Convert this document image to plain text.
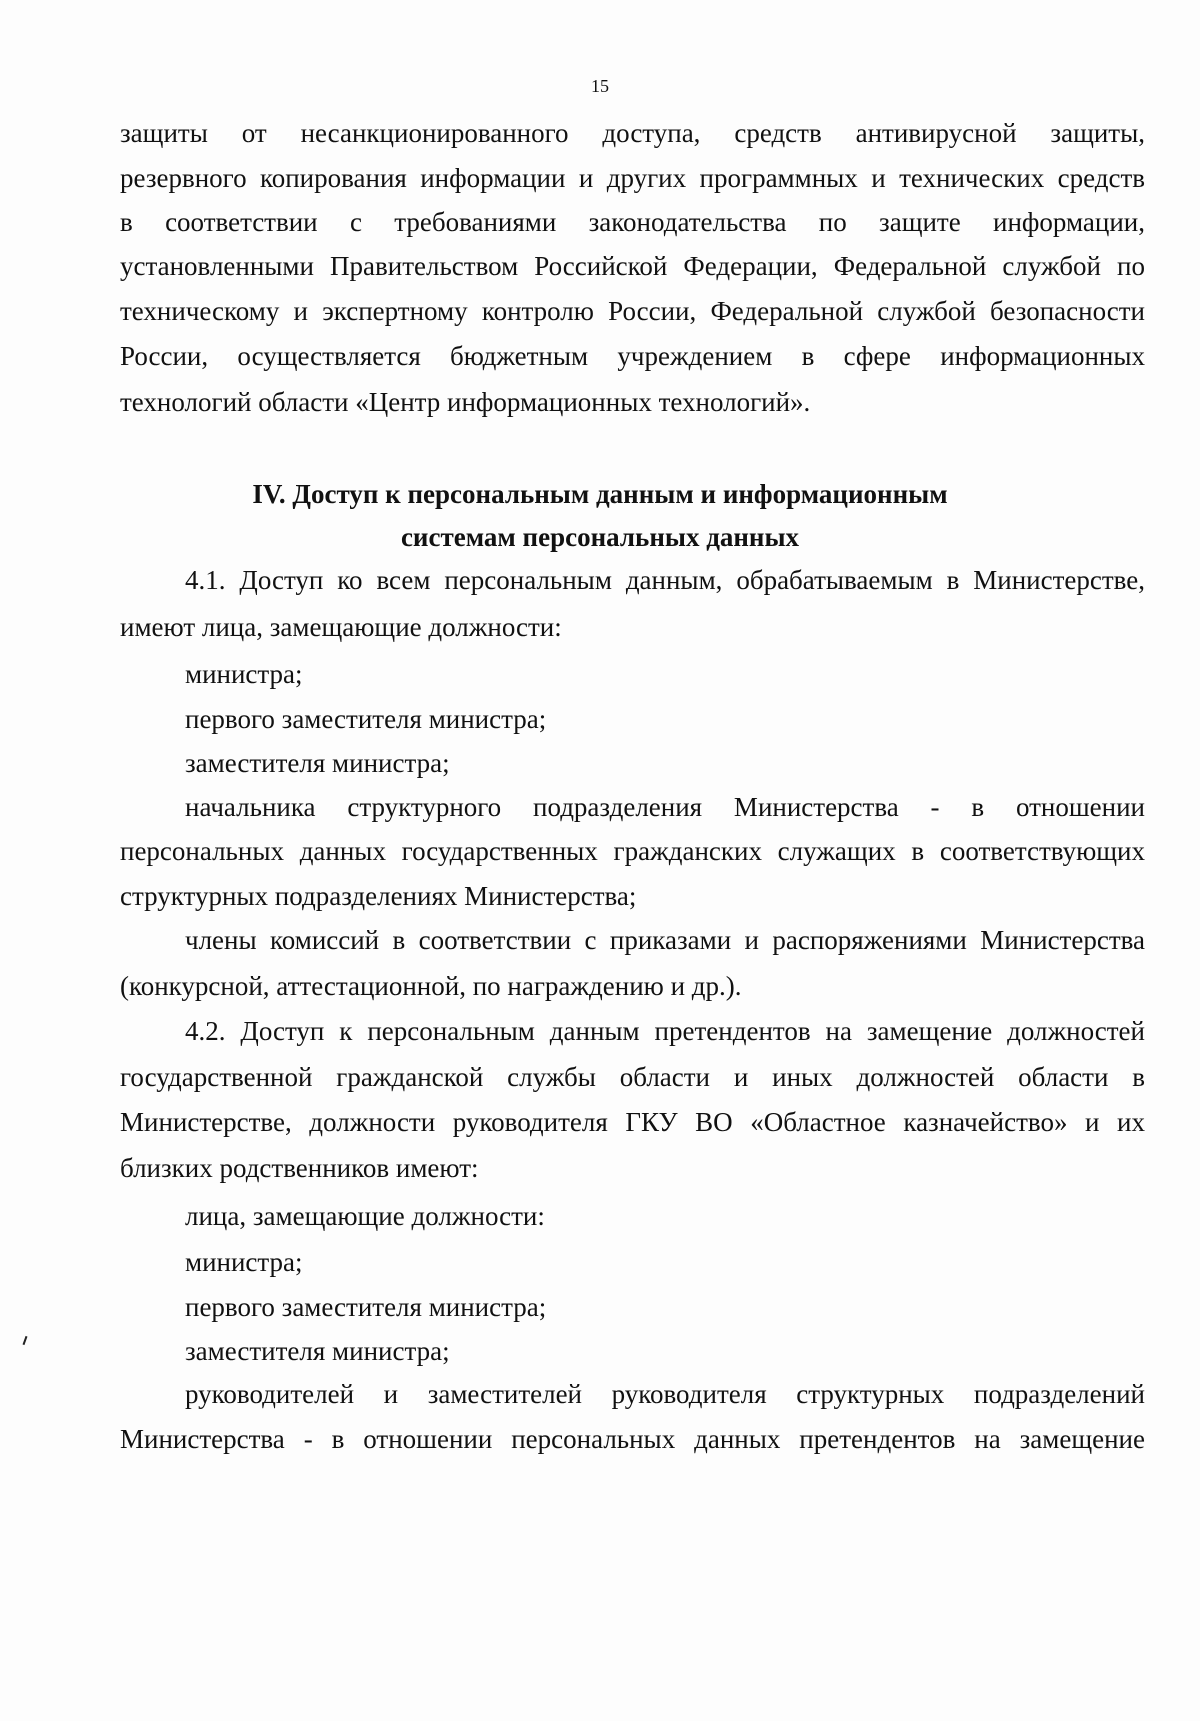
15
защиты от несанкционированного доступа, средств антивирусной защиты,
резервного копирования информации и других программных и технических средств
в соответствии с требованиями законодательства по защите информации,
установленными Правительством Российской Федерации, Федеральной службой по
техническому и экспертному контролю России, Федеральной службой безопасности
России, осуществляется бюджетным учреждением в сфере информационных
технологий области «Центр информационных технологий».
IV. Доступ к персональным данным и информационным
системам персональных данных
4.1. Доступ ко всем персональным данным, обрабатываемым в Министерстве,
имеют лица, замещающие должности:
министра;
первого заместителя министра;
заместителя министра;
начальника структурного подразделения Министерства - в отношении
персональных данных государственных гражданских служащих в соответствующих
структурных подразделениях Министерства;
члены комиссий в соответствии с приказами и распоряжениями Министерства
(конкурсной, аттестационной, по награждению и др.).
4.2. Доступ к персональным данным претендентов на замещение должностей
государственной гражданской службы области и иных должностей области в
Министерстве, должности руководителя ГКУ ВО «Областное казначейство» и их
близких родственников имеют:
лица, замещающие должности:
министра;
первого заместителя министра;
заместителя министра;
руководителей и заместителей руководителя структурных подразделений
Министерства - в отношении персональных данных претендентов на замещение
